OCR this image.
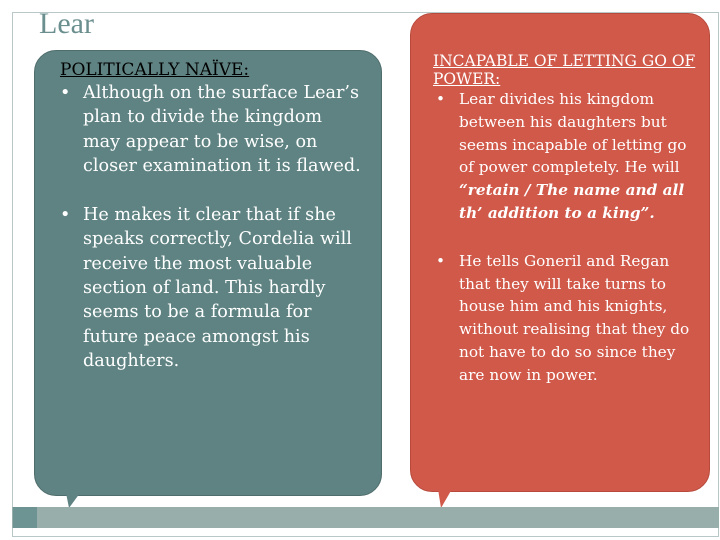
Lear
POLITICALLY NAÏVE:
• Although on the surface Lear’s plan to divide the kingdom may appear to be wise, on closer examination it is flawed.
• He makes it clear that if she speaks correctly, Cordelia will receive the most valuable section of land. This hardly seems to be a formula for future peace amongst his daughters.
INCAPABLE OF LETTING GO OF POWER:
• Lear divides his kingdom between his daughters but seems incapable of letting go of power completely. He will “retain / The name and all th’ addition to a king”.
• He tells Goneril and Regan that they will take turns to house him and his knights, without realising that they do not have to do so since they are now in power.
